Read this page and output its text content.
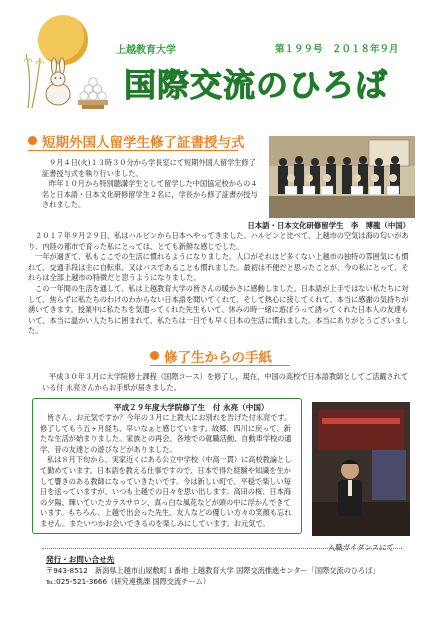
上越教育大学	第１９９号　２０１８年９月
国際交流のひろば
短期外国人留学生修了証書授与式

９月４日(火)１３時３０分から学長室にて短期外国人留学生修了証書授与式を執り行いました。

昨年１０月から特別聴講学生として留学した中国協定校からの４名と日本語・日本文化研修留学生２名に，学長から修了証書が授与されました。

日本語・日本文化研修留学生　李　博龍（中国）

２０１７年９月２９日、私はハルビンから日本へやってきました。ハルビンと比べて、上越市の空気は海の匂いがあり、内陸の都市で育った私にとっては、とても新鮮な感じでした。

一年が過ぎて、私もここでの生活に慣れるようになりました。人口がそれほど多くない上越市の独特の雰囲気にも慣れて、交通手段は主に自転車、又はバスであることも慣れました。最初は不便だと思ったことが、今の私にとって、それらは全部上越市の特徴だと思うようになりました。

この一年間の生活を通して、私は上越教育大学の皆さんの暖かさに感動しました。日本語が上手ではない私たちに対して、焦らずに私たちのわけのわからない日本語を聞いてくれて、そして熱心に接してくれて、本当に感謝の気持ちが湧いてきます。授業中に私たちを気遣ってくれた先生もいて、休みの時一緒に遊ぼうって誘ってくれた日本人の友達もいて、本当に温かい人たちに囲まれて、私たちは一日でも早く日本の生活に慣れました。本当にありがとうございました。

修了生からの手紙

平成３０年３月に大学院修士課程（国際コース）を修了し，現在，中国の高校で日本語教師としてご活躍されている付 永亮さんからお手紙が届きました。

平成２９年度大学院修了生　付 永亮（中国）

皆さん、お元気ですか？今年の３月に上教大にお別れを告げた付永亮です。修了してもう五ヶ月経ち、早いなぁと感じています。故郷、四川に戻って、新たな生活が始まりました。家族との再会、各地での就職活動、自動車学校の通学、昔の友達との遊びなどがありました。

私は８月下旬から、実家近くにある公立中学校（中高一貫）に高校教論として勤めています。日本語を教える仕事ですので、日本で得た経験や知識を生かして響きのある教師になっていきたいです。今は新しい町で、平穏で楽しい毎日を送っていますが、いつも上越での日々を思い出します。高田の桜、日本海の夕陽、輝いていたカラスサロン、真っ白な風花などが頭の中に浮かんできています。もちろん、上越で出会った先生、友人などの優しい方々の笑顔も忘れません。またいつかお会いできるのを楽しみにしています。お元気で。

入職ガイダンスにて
発行・お問い合せ先
〒943-8512　新潟県上越市山屋敷町１番地 上越教育大学 国際交流推進センター「国際交流のひろば」
℡:025-521-3666（研究連携課 国際交流チーム）
